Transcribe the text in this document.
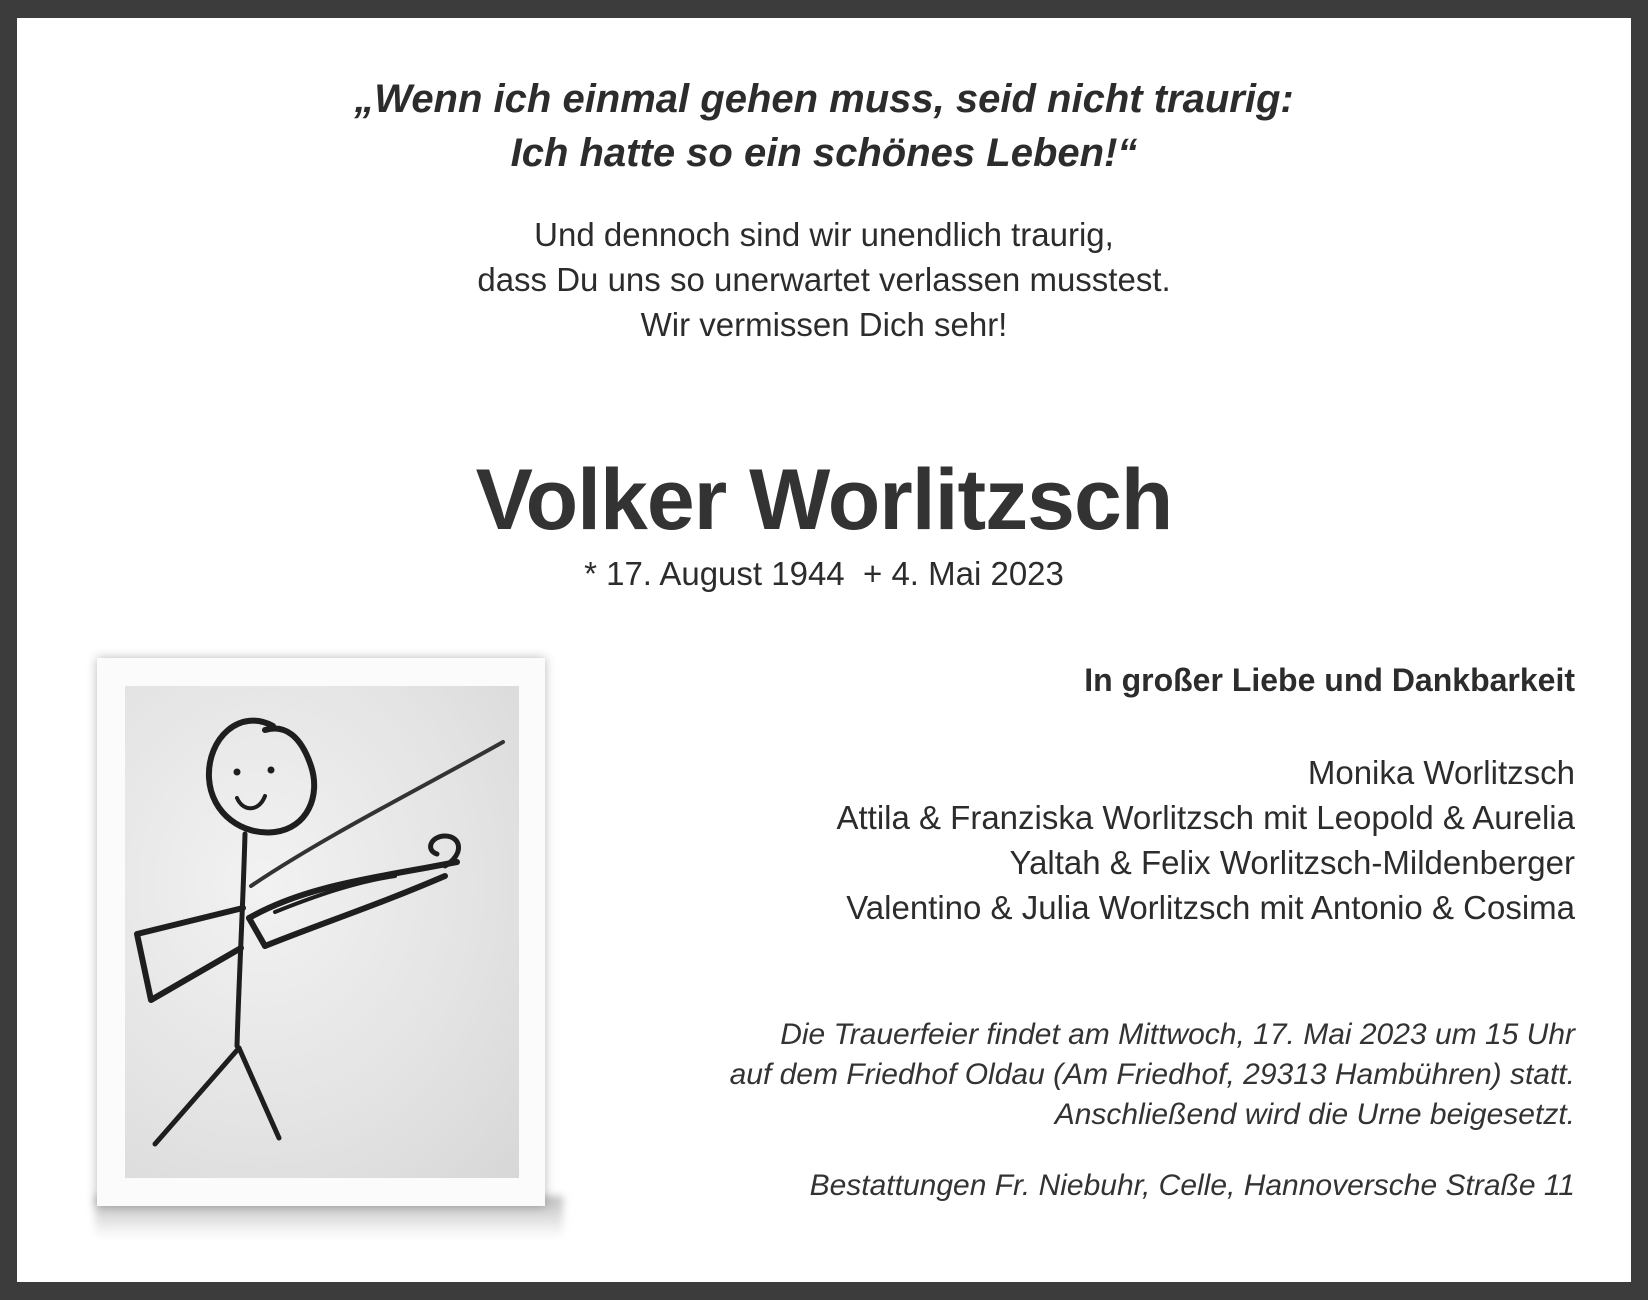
„Wenn ich einmal gehen muss, seid nicht traurig:
Ich hatte so ein schönes Leben!“
Und dennoch sind wir unendlich traurig,
dass Du uns so unerwartet verlassen musstest.
Wir vermissen Dich sehr!
Volker Worlitzsch
* 17. August 1944 + 4. Mai 2023
In großer Liebe und Dankbarkeit
Monika Worlitzsch
Attila & Franziska Worlitzsch mit Leopold & Aurelia
Yaltah & Felix Worlitzsch-Mildenberger
Valentino & Julia Worlitzsch mit Antonio & Cosima
Die Trauerfeier findet am Mittwoch, 17. Mai 2023 um 15 Uhr
auf dem Friedhof Oldau (Am Friedhof, 29313 Hambühren) statt.
Anschließend wird die Urne beigesetzt.
Bestattungen Fr. Niebuhr, Celle, Hannoversche Straße 11
